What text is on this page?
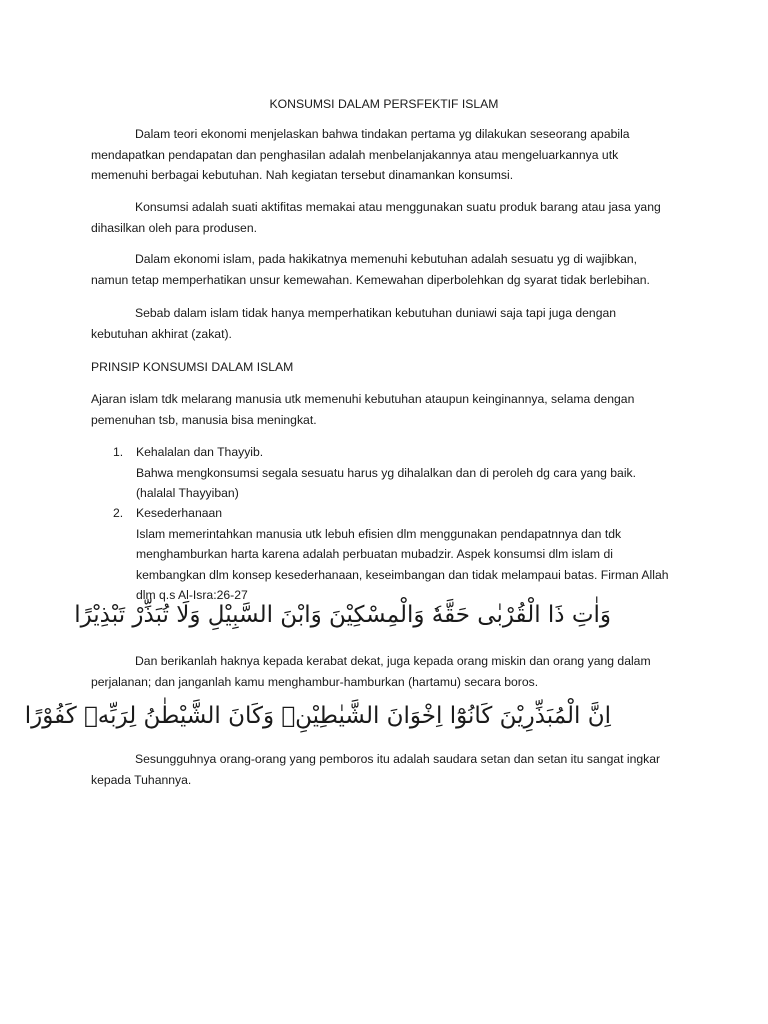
KONSUMSI DALAM PERSFEKTIF ISLAM

Dalam teori ekonomi menjelaskan bahwa tindakan pertama yg dilakukan seseorang apabila mendapatkan pendapatan dan penghasilan adalah menbelanjakannya atau mengeluarkannya utk memenuhi berbagai kebutuhan. Nah kegiatan tersebut dinamankan konsumsi.

Konsumsi adalah suati aktifitas memakai atau menggunakan suatu produk barang atau jasa yang dihasilkan oleh para produsen.

Dalam ekonomi islam, pada hakikatnya memenuhi kebutuhan adalah sesuatu yg di wajibkan, namun tetap memperhatikan unsur kemewahan. Kemewahan diperbolehkan dg syarat tidak berlebihan.

Sebab dalam islam tidak hanya memperhatikan kebutuhan duniawi saja tapi juga dengan kebutuhan akhirat (zakat).

PRINSIP KONSUMSI DALAM ISLAM

Ajaran islam tdk melarang manusia utk memenuhi kebutuhan ataupun keinginannya, selama dengan pemenuhan tsb, manusia bisa meningkat.

1. Kehalalan dan Thayyib.
Bahwa mengkonsumsi segala sesuatu harus yg dihalalkan dan di peroleh dg cara yang baik. (halalal Thayyiban)
2. Kesederhanaan
Islam memerintahkan manusia utk lebuh efisien dlm menggunakan pendapatnnya dan tdk menghamburkan harta karena adalah perbuatan mubadzir. Aspek konsumsi dlm islam di kembangkan dlm konsep kesederhanaan, keseimbangan dan tidak melampaui batas. Firman Allah dlm q.s Al-Isra:26-27
وَاٰتِ ذَا الْقُرْبٰى حَقَّهٗ وَالْمِسْكِيْنَ وَابْنَ السَّبِيْلِ وَلَا تُبَذِّرْ تَبْذِيْرًا

Dan berikanlah haknya kepada kerabat dekat, juga kepada orang miskin dan orang yang dalam perjalanan; dan janganlah kamu menghambur-hamburkan (hartamu) secara boros.

اِنَّ الْمُبَذِّرِيْنَ كَانُوْٓا اِخْوَانَ الشَّيٰطِيْنِۗ وَكَانَ الشَّيْطٰنُ لِرَبِّهٖ كَفُوْرًا

Sesungguhnya orang-orang yang pemboros itu adalah saudara setan dan setan itu sangat ingkar kepada Tuhannya.
